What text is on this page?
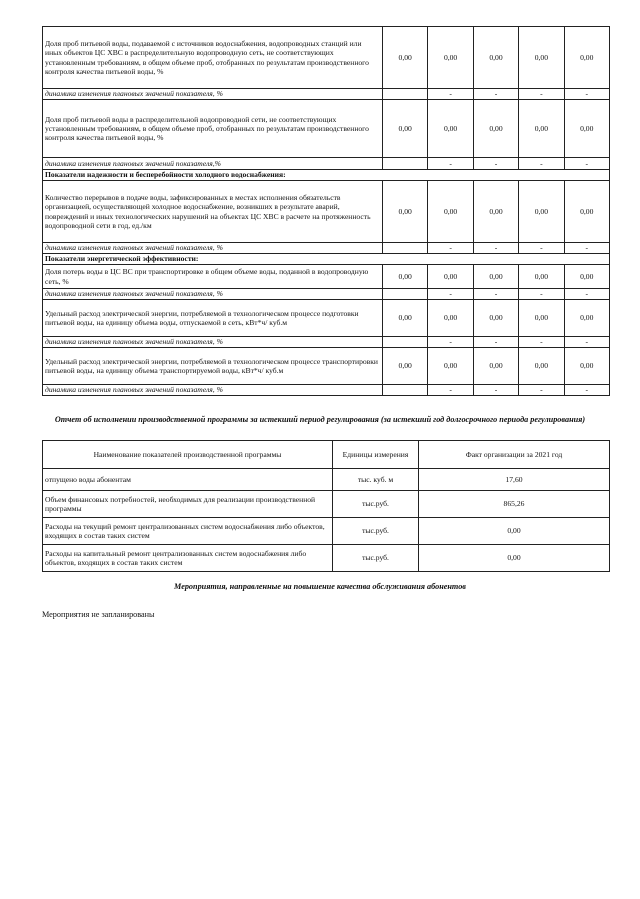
Доля проб питьевой воды, подаваемой с источников водоснабжения, водопроводных станций или иных объектов ЦС ХВС в распределительную водопроводную сеть, не соответствующих установленным требованиям, в общем объеме проб, отобранных по результатам производственного контроля качества питьевой воды, %	0,00	0,00	0,00	0,00	0,00
динамика изменения плановых значений показателя, %		-	-	-	-
Доля проб питьевой воды в распределительной водопроводной сети, не соответствующих установленным требованиям, в общем объеме проб, отобранных по результатам производственного контроля качества питьевой воды, %	0,00	0,00	0,00	0,00	0,00
динамика изменения плановых значений показателя,%		-	-	-	-
Показатели надежности и бесперебойности холодного водоснабжения:					
Количество перерывов в подаче воды, зафиксированных в местах исполнения обязательств организацией, осуществляющей холодное водоснабжение, возникших в результате аварий, повреждений и иных технологических нарушений на объектах ЦС ХВС в расчете на протяженность водопроводной сети в год, ед./км	0,00	0,00	0,00	0,00	0,00
динамика изменения плановых значений показателя, %		-	-	-	-
Показатели энергетической эффективности:					
Доля потерь воды в ЦС ВС при транспортировке в общем объеме воды, поданной в водопроводную сеть, %	0,00	0,00	0,00	0,00	0,00
динамика изменения плановых значений показателя, %		-	-	-	-
Удельный расход электрической энергии, потребляемой в технологическом процессе подготовки питьевой воды, на единицу объема воды, отпускаемой в сеть, кВт*ч/ куб.м	0,00	0,00	0,00	0,00	0,00
динамика изменения плановых значений показателя, %		-	-	-	-
Удельный расход электрической энергии, потребляемой в технологическом процессе транспортировки питьевой воды, на единицу объема транспортируемой воды, кВт*ч/ куб.м	0,00	0,00	0,00	0,00	0,00
динамика изменения плановых значений показателя, %		-	-	-	-
Отчет об исполнении производственной программы за истекший период регулирования (за истекший год долгосрочного периода регулирования)
Наименование показателей производственной программы	Единицы измерения	Факт организации за 2021 год
отпущено воды абонентам	тыс. куб. м	17,60
Объем финансовых потребностей, необходимых для реализации производственной программы	тыс.руб.	865,26
Расходы на текущий ремонт централизованных систем водоснабжения либо объектов, входящих в состав таких систем	тыс.руб.	0,00
Расходы на капитальный ремонт централизованных систем водоснабжения либо объектов, входящих в состав таких систем	тыс.руб.	0,00
Мероприятия, направленные на повышение качества обслуживания абонентов
Мероприятия не запланированы
